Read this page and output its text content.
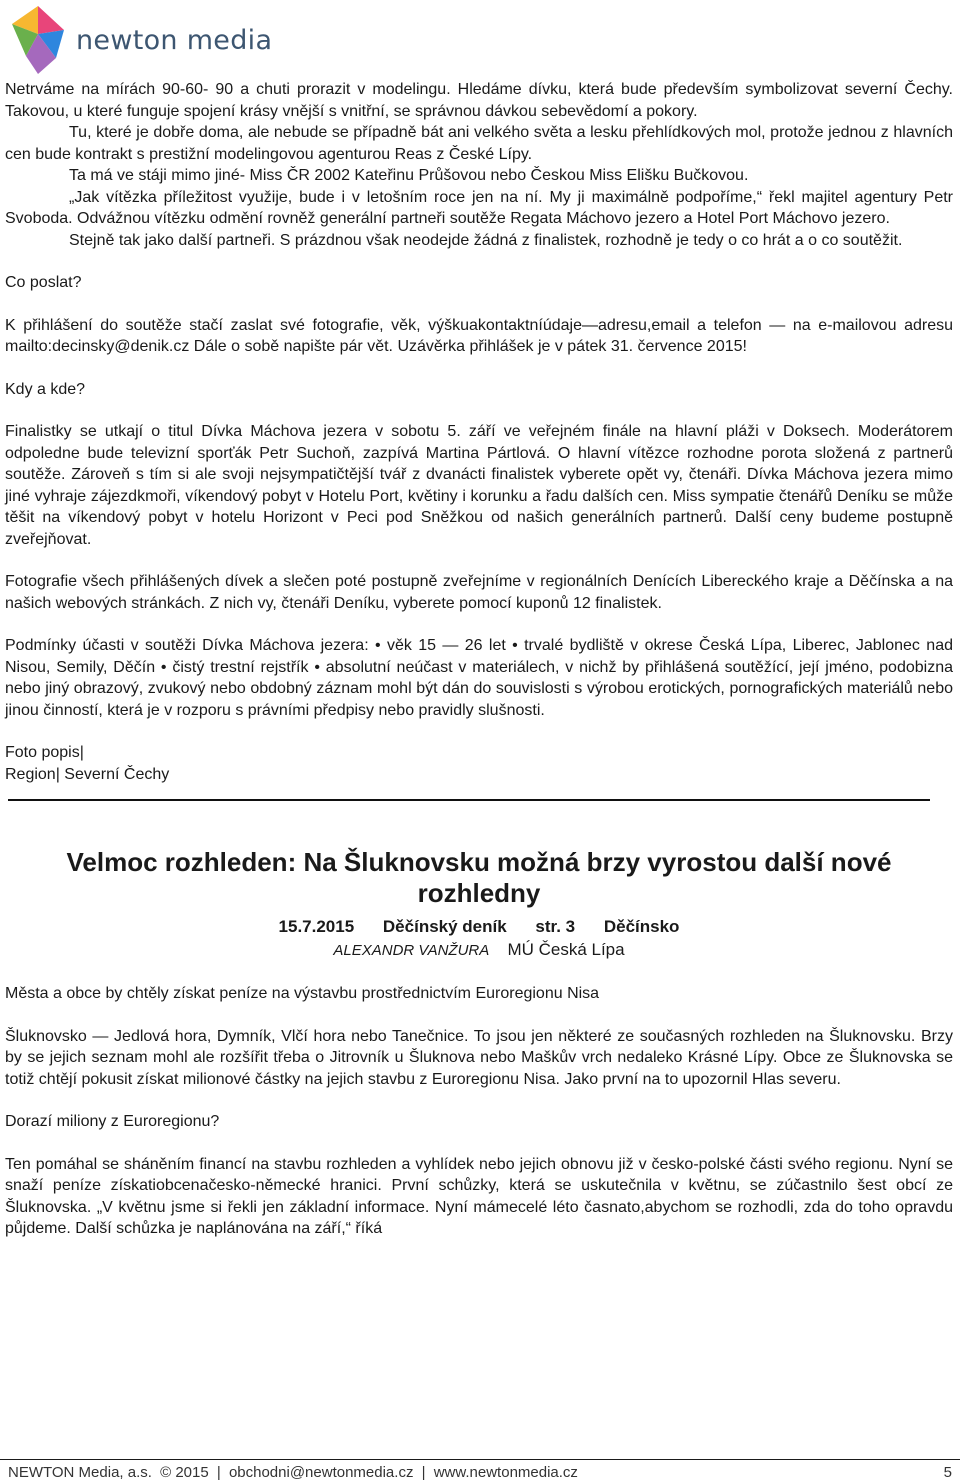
newton media

Netrváme na mírách 90-60- 90 a chuti prorazit v modelingu. Hledáme dívku, která bude především symbolizovat severní Čechy. Takovou, u které funguje spojení krásy vnější s vnitřní, se správnou dávkou sebevědomí a pokory.

Tu, které je dobře doma, ale nebude se případně bát ani velkého světa a lesku přehlídkových mol, protože jednou z hlavních cen bude kontrakt s prestižní modelingovou agenturou Reas z České Lípy.

Ta má ve stáji mimo jiné- Miss ČR 2002 Kateřinu Průšovou nebo Českou Miss Elišku Bučkovou.

„Jak vítězka příležitost využije, bude i v letošním roce jen na ní. My ji maximálně podpoříme,“ řekl majitel agentury Petr Svoboda. Odvážnou vítězku odmění rovněž generální partneři soutěže Regata Máchovo jezero a Hotel Port Máchovo jezero.

Stejně tak jako další partneři. S prázdnou však neodejde žádná z finalistek, rozhodně je tedy o co hrát a o co soutěžit.

Co poslat?

K přihlášení do soutěže stačí zaslat své fotografie, věk, výškuakontaktníúdaje—adresu,email a telefon — na e-mailovou adresu mailto:decinsky@denik.cz Dále o sobě napište pár vět. Uzávěrka přihlášek je v pátek 31. července 2015!

Kdy a kde?

Finalistky se utkají o titul Dívka Máchova jezera v sobotu 5. září ve veřejném finále na hlavní pláži v Doksech. Moderátorem odpoledne bude televizní sporťák Petr Suchoň, zazpívá Martina Pártlová. O hlavní vítězce rozhodne porota složená z partnerů soutěže. Zároveň s tím si ale svoji nejsympatičtější tvář z dvanácti finalistek vyberete opět vy, čtenáři. Dívka Máchova jezera mimo jiné vyhraje zájezdkmoři, víkendový pobyt v Hotelu Port, květiny i korunku a řadu dalších cen. Miss sympatie čtenářů Deníku se může těšit na víkendový pobyt v hotelu Horizont v Peci pod Sněžkou od našich generálních partnerů. Další ceny budeme postupně zveřejňovat.

Fotografie všech přihlášených dívek a slečen poté postupně zveřejníme v regionálních Denících Libereckého kraje a Děčínska a na našich webových stránkách. Z nich vy, čtenáři Deníku, vyberete pomocí kuponů 12 finalistek.

Podmínky účasti v soutěži Dívka Máchova jezera: • věk 15 — 26 let • trvalé bydliště v okrese Česká Lípa, Liberec, Jablonec nad Nisou, Semily, Děčín • čistý trestní rejstřík • absolutní neúčast v materiálech, v nichž by přihlášená soutěžící, její jméno, podobizna nebo jiný obrazový, zvukový nebo obdobný záznam mohl být dán do souvislosti s výrobou erotických, pornografických materiálů nebo jinou činností, která je v rozporu s právními předpisy nebo pravidly slušnosti.

Foto popis|

Region| Severní Čechy

Velmoc rozhleden: Na Šluknovsku možná brzy vyrostou další nové rozhledny
15.7.2015 Děčínský deník str. 3 Děčínsko
ALEXANDR VANŽURA MÚ Česká Lípa

Města a obce by chtěly získat peníze na výstavbu prostřednictvím Euroregionu Nisa

Šluknovsko — Jedlová hora, Dymník, Vlčí hora nebo Tanečnice. To jsou jen některé ze současných rozhleden na Šluknovsku. Brzy by se jejich seznam mohl ale rozšířit třeba o Jitrovník u Šluknova nebo Maškův vrch nedaleko Krásné Lípy. Obce ze Šluknovska se totiž chtějí pokusit získat milionové částky na jejich stavbu z Euroregionu Nisa. Jako první na to upozornil Hlas severu.

Dorazí miliony z Euroregionu?

Ten pomáhal se sháněním financí na stavbu rozhleden a vyhlídek nebo jejich obnovu již v česko-polské části svého regionu. Nyní se snaží peníze získatiobcenačesko-německé hranici. První schůzky, která se uskutečnila v květnu, se zúčastnilo šest obcí ze Šluknovska. „V květnu jsme si řekli jen základní informace. Nyní mámecelé léto časnato,abychom se rozhodli, zda do toho opravdu půjdeme. Další schůzka je naplánována na září,“ říká

NEWTON Media, a.s. © 2015 | obchodni@newtonmedia.cz | www.newtonmedia.cz	5
